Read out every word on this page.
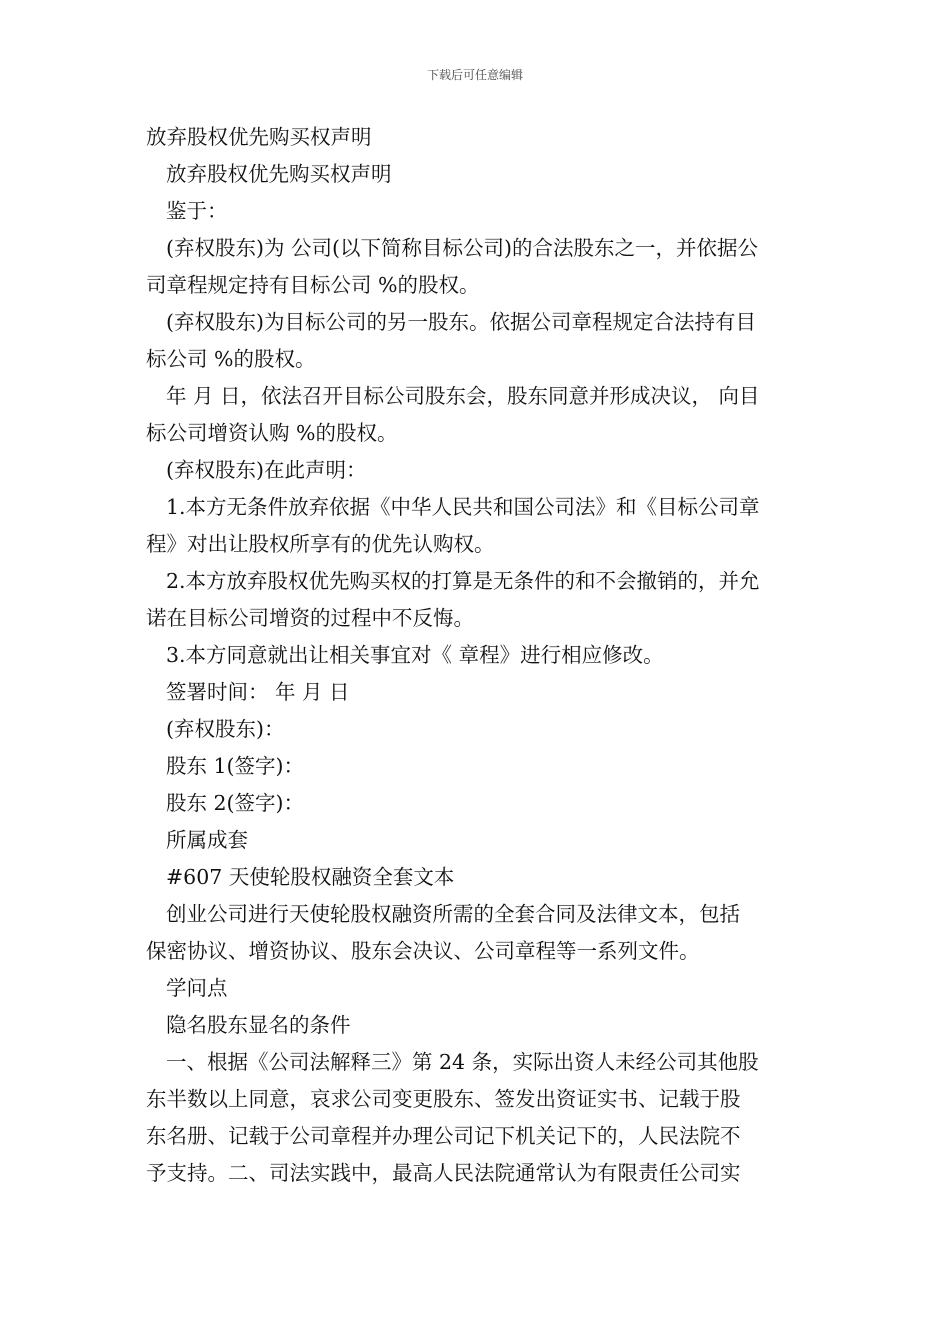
下载后可任意编辑
放弃股权优先购买权声明
放弃股权优先购买权声明
鉴于：
(弃权股东)为 公司(以下简称目标公司)的合法股东之一，并依据公
司章程规定持有目标公司 %的股权。
(弃权股东)为目标公司的另一股东。依据公司章程规定合法持有目
标公司 %的股权。
年 月 日，依法召开目标公司股东会，股东同意并形成决议， 向目
标公司增资认购 %的股权。
(弃权股东)在此声明：
1.本方无条件放弃依据《中华人民共和国公司法》和《目标公司章
程》对出让股权所享有的优先认购权。
2.本方放弃股权优先购买权的打算是无条件的和不会撤销的，并允
诺在目标公司增资的过程中不反悔。
3.本方同意就出让相关事宜对《 章程》进行相应修改。
签署时间： 年 月 日
(弃权股东)：
股东 1(签字)：
股东 2(签字)：
所属成套
#607 天使轮股权融资全套文本
创业公司进行天使轮股权融资所需的全套合同及法律文本，包括
保密协议、增资协议、股东会决议、公司章程等一系列文件。
学问点
隐名股东显名的条件
一、根据《公司法解释三》第 24 条，实际出资人未经公司其他股
东半数以上同意，哀求公司变更股东、签发出资证实书、记载于股
东名册、记载于公司章程并办理公司记下机关记下的，人民法院不
予支持。二、司法实践中，最高人民法院通常认为有限责任公司实
